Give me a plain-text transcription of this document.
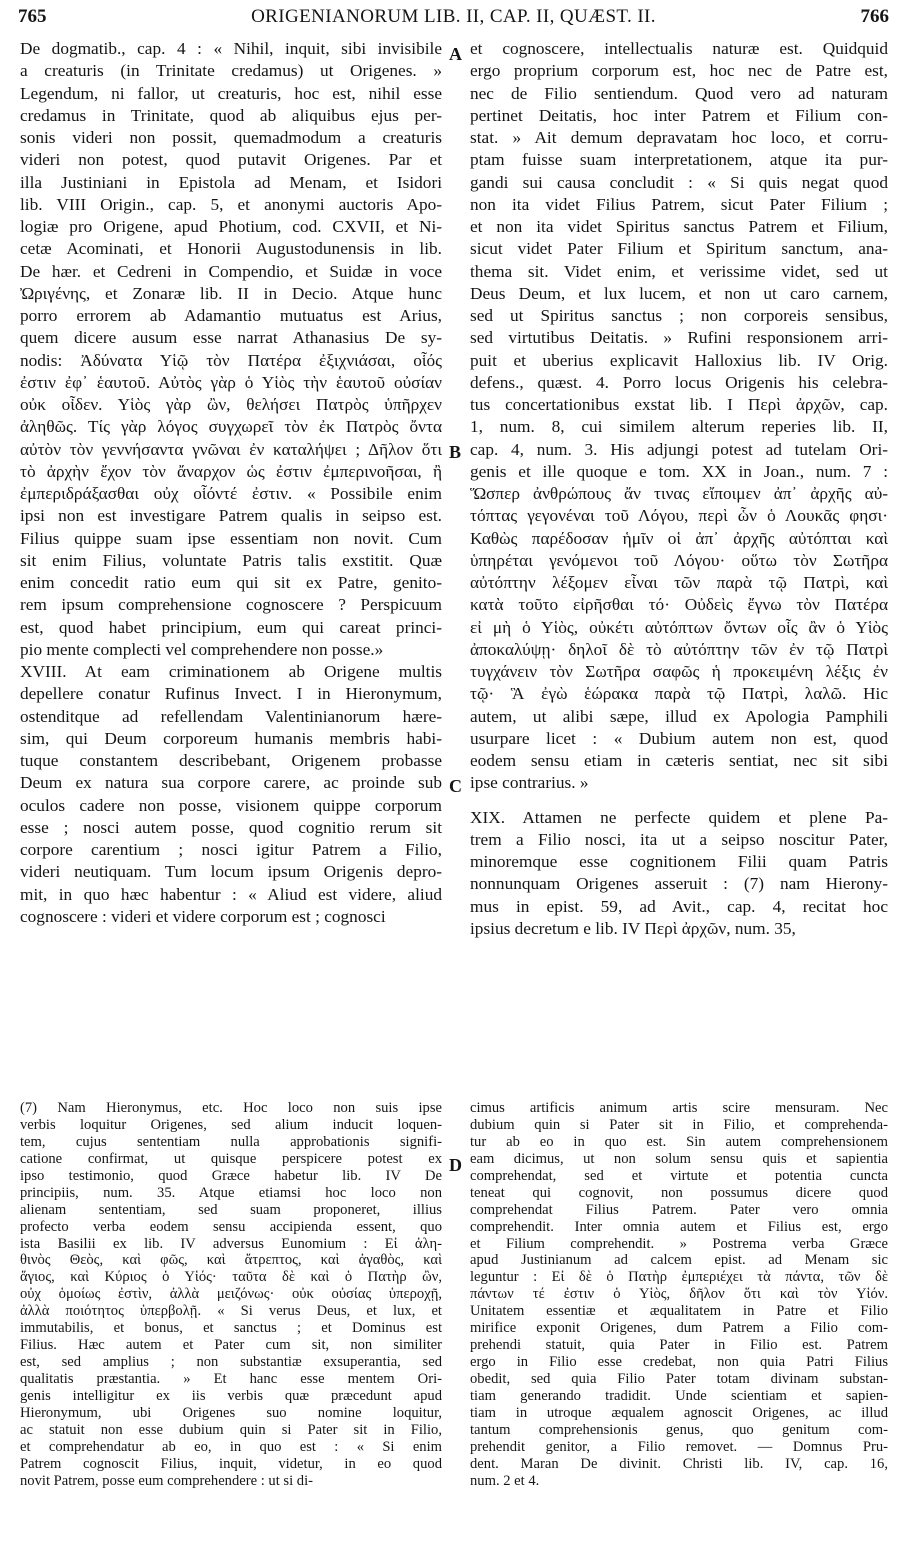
765	ORIGENIANORUM LIB. II, CAP. II, QUÆST. II.	766
A
B
C
D
De dogmatib., cap. 4 : « Nihil, inquit, sibi invisibile
a creaturis (in Trinitate credamus) ut Origenes. »
Legendum, ni fallor, ut creaturis, hoc est, nihil esse
credamus in Trinitate, quod ab aliquibus ejus per-
sonis videri non possit, quemadmodum a creaturis
videri non potest, quod putavit Origenes. Par et
illa Justiniani in Epistola ad Menam, et Isidori
lib. VIII Origin., cap. 5, et anonymi auctoris Apo-
logiæ pro Origene, apud Photium, cod. CXVII, et Ni-
cetæ Acominati, et Honorii Augustodunensis in lib.
De hær. et Cedreni in Compendio, et Suidæ in voce
Ὠριγένης, et Zonaræ lib. II in Decio. Atque hunc
porro errorem ab Adamantio mutuatus est Arius,
quem dicere ausum esse narrat Athanasius De sy-
nodis: Ἀδύνατα Υἱῷ τὸν Πατέρα ἐξιχνιάσαι, οἷός
ἐστιν ἐφ᾽ ἑαυτοῦ. Αὐτὸς γὰρ ὁ Υἱὸς τὴν ἑαυτοῦ οὐσίαν
οὐκ οἶδεν. Υἱὸς γὰρ ὢν, θελήσει Πατρὸς ὑπῆρχεν
ἀληθῶς. Τίς γὰρ λόγος συγχωρεῖ τὸν ἐκ Πατρὸς ὄντα
αὐτὸν τὸν γεννήσαντα γνῶναι ἐν καταλήψει ; Δῆλον ὅτι
τὸ ἀρχὴν ἔχον τὸν ἄναρχον ὡς ἐστιν ἐμπερινοῆσαι, ἢ
ἐμπεριδράξασθαι οὐχ οἷόντέ ἐστιν. « Possibile enim
ipsi non est investigare Patrem qualis in seipso est.
Filius quippe suam ipse essentiam non novit. Cum
sit enim Filius, voluntate Patris talis exstitit. Quæ
enim concedit ratio eum qui sit ex Patre, genito-
rem ipsum comprehensione cognoscere ? Perspicuum
est, quod habet principium, eum qui careat princi-
pio mente complecti vel comprehendere non posse.»
XVIII. At eam criminationem ab Origene multis
depellere conatur Rufinus Invect. I in Hieronymum,
ostenditque ad refellendam Valentinianorum hære-
sim, qui Deum corporeum humanis membris habi-
tuque constantem describebant, Origenem probasse
Deum ex natura sua corpore carere, ac proinde sub
oculos cadere non posse, visionem quippe corporum
esse ; nosci autem posse, quod cognitio rerum sit
corpore carentium ; nosci igitur Patrem a Filio,
videri neutiquam. Tum locum ipsum Origenis depro-
mit, in quo hæc habentur : « Aliud est videre, aliud
cognoscere : videri et videre corporum est ; cognosci
et cognoscere, intellectualis naturæ est. Quidquid
ergo proprium corporum est, hoc nec de Patre est,
nec de Filio sentiendum. Quod vero ad naturam
pertinet Deitatis, hoc inter Patrem et Filium con-
stat. » Ait demum depravatam hoc loco, et corru-
ptam fuisse suam interpretationem, atque ita pur-
gandi sui causa concludit : « Si quis negat quod
non ita videt Filius Patrem, sicut Pater Filium ;
et non ita videt Spiritus sanctus Patrem et Filium,
sicut videt Pater Filium et Spiritum sanctum, ana-
thema sit. Videt enim, et verissime videt, sed ut
Deus Deum, et lux lucem, et non ut caro carnem,
sed ut Spiritus sanctus ; non corporeis sensibus,
sed virtutibus Deitatis. » Rufini responsionem arri-
puit et uberius explicavit Halloxius lib. IV Orig.
defens., quæst. 4. Porro locus Origenis his celebra-
tus concertationibus exstat lib. I Περὶ ἀρχῶν, cap.
1, num. 8, cui similem alterum reperies lib. II,
cap. 4, num. 3. His adjungi potest ad tutelam Ori-
genis et ille quoque e tom. XX in Joan., num. 7 :
Ὥσπερ ἀνθρώπους ἄν τινας εἴποιμεν ἀπ᾽ ἀρχῆς αὐ-
τόπτας γεγονέναι τοῦ Λόγου, περὶ ὧν ὁ Λουκᾶς φησι·
Καθὼς παρέδοσαν ἡμῖν οἱ ἀπ᾽ ἀρχῆς αὐτόπται καὶ
ὑπηρέται γενόμενοι τοῦ Λόγου· οὕτω τὸν Σωτῆρα
αὐτόπτην λέξομεν εἶναι τῶν παρὰ τῷ Πατρὶ, καὶ
κατὰ τοῦτο εἰρῆσθαι τό· Οὐδεὶς ἔγνω τὸν Πατέρα
εἰ μὴ ὁ Υἱὸς, οὐκέτι αὐτόπτων ὄντων οἷς ἂν ὁ Υἱὸς
ἀποκαλύψῃ· δηλοῖ δὲ τὸ αὐτόπτην τῶν ἐν τῷ Πατρὶ
τυγχάνειν τὸν Σωτῆρα σαφῶς ἡ προκειμένη λέξις ἐν
τῷ· Ἃ ἐγὼ ἑώρακα παρὰ τῷ Πατρὶ, λαλῶ. Hic
autem, ut alibi sæpe, illud ex Apologia Pamphili
usurpare licet : « Dubium autem non est, quod
eodem sensu etiam in cæteris sentiat, nec sit sibi
ipse contrarius. »
XIX. Attamen ne perfecte quidem et plene Pa-
trem a Filio nosci, ita ut a seipso noscitur Pater,
minoremque esse cognitionem Filii quam Patris
nonnunquam Origenes asseruit : (7) nam Hierony-
mus in epist. 59, ad Avit., cap. 4, recitat hoc
ipsius decretum e lib. IV Περὶ ἀρχῶν, num. 35,
(7) Nam Hieronymus, etc. Hoc loco non suis ipse
verbis loquitur Origenes, sed alium inducit loquen-
tem, cujus sententiam nulla approbationis signifi-
catione confirmat, ut quisque perspicere potest ex
ipso testimonio, quod Græce habetur lib. IV De
principiis, num. 35. Atque etiamsi hoc loco non
alienam sententiam, sed suam proponeret, illius
profecto verba eodem sensu accipienda essent, quo
ista Basilii ex lib. IV adversus Eunomium : Εἰ ἀλη-
θινὸς Θεὸς, καὶ φῶς, καὶ ἄτρεπτος, καὶ ἀγαθὸς, καὶ
ἅγιος, καὶ Κύριος ὁ Υἱός· ταῦτα δὲ καὶ ὁ Πατὴρ ὢν,
οὐχ ὁμοίως ἐστὶν, ἀλλὰ μειζόνως· οὐκ οὐσίας ὑπεροχῇ,
ἀλλὰ ποιότητος ὑπερβολῇ. « Si verus Deus, et lux, et
immutabilis, et bonus, et sanctus ; et Dominus est
Filius. Hæc autem et Pater cum sit, non similiter
est, sed amplius ; non substantiæ exsuperantia, sed
qualitatis præstantia. » Et hanc esse mentem Ori-
genis intelligitur ex iis verbis quæ præcedunt apud
Hieronymum, ubi Origenes suo nomine loquitur,
ac statuit non esse dubium quin si Pater sit in Filio,
et comprehendatur ab eo, in quo est : « Si enim
Patrem cognoscit Filius, inquit, videtur, in eo quod
novit Patrem, posse eum comprehendere : ut si di-
cimus artificis animum artis scire mensuram. Nec
dubium quin si Pater sit in Filio, et comprehenda-
tur ab eo in quo est. Sin autem comprehensionem
eam dicimus, ut non solum sensu quis et sapientia
comprehendat, sed et virtute et potentia cuncta
teneat qui cognovit, non possumus dicere quod
comprehendat Filius Patrem. Pater vero omnia
comprehendit. Inter omnia autem et Filius est, ergo
et Filium comprehendit. » Postrema verba Græce
apud Justinianum ad calcem epist. ad Menam sic
leguntur : Εἰ δὲ ὁ Πατὴρ ἐμπεριέχει τὰ πάντα, τῶν δὲ
πάντων τέ ἐστιν ὁ Υἱὸς, δῆλον ὅτι καὶ τὸν Υἱόν.
Unitatem essentiæ et æqualitatem in Patre et Filio
mirifice exponit Origenes, dum Patrem a Filio com-
prehendi statuit, quia Pater in Filio est. Patrem
ergo in Filio esse credebat, non quia Patri Filius
obedit, sed quia Filio Pater totam divinam substan-
tiam generando tradidit. Unde scientiam et sapien-
tiam in utroque æqualem agnoscit Origenes, ac illud
tantum comprehensionis genus, quo genitum com-
prehendit genitor, a Filio removet. — Domnus Pru-
dent. Maran De divinit. Christi lib. IV, cap. 16,
num. 2 et 4.
